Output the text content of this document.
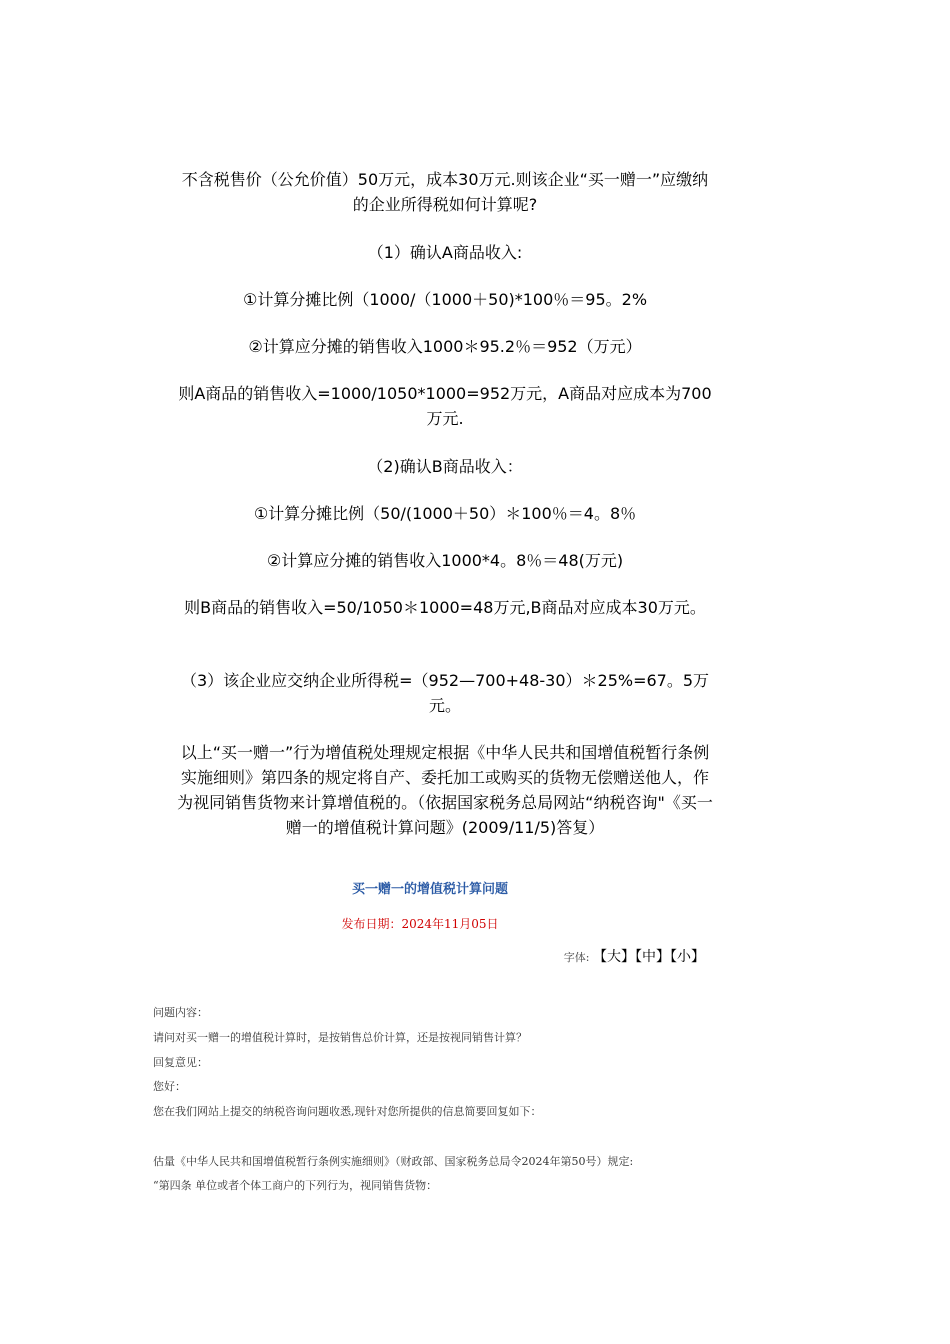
不含税售价（公允价值）50万元，成本30万元.则该企业“买一赠一”应缴纳的企业所得税如何计算呢?
（1）确认A商品收入:
①计算分摊比例（1000/（1000＋50)*100％＝95。2%
②计算应分摊的销售收入1000＊95.2％＝952（万元）
则A商品的销售收入=1000/1050*1000=952万元，A商品对应成本为700万元.
（2)确认B商品收入：
①计算分摊比例（50/(1000＋50）＊100％＝4。8％
②计算应分摊的销售收入1000*4。8％＝48(万元)
则B商品的销售收入=50/1050＊1000=48万元,B商品对应成本30万元。
（3）该企业应交纳企业所得税=（952—700+48-30）＊25%=67。5万元。
以上“买一赠一”行为增值税处理规定根据《中华人民共和国增值税暂行条例实施细则》第四条的规定将自产、委托加工或购买的货物无偿赠送他人，作为视同销售货物来计算增值税的。（依据国家税务总局网站“纳税咨询"《买一赠一的增值税计算问题》(2009/11/5)答复）
买一赠一的增值税计算问题
发布日期：2024年11月05日
字体: 【大】【中】【小】
问题内容：
请问对买一赠一的增值税计算时，是按销售总价计算，还是按视同销售计算？
回复意见：
您好：
您在我们网站上提交的纳税咨询问题收悉,现针对您所提供的信息简要回复如下：
估量《中华人民共和国增值税暂行条例实施细则》（财政部、国家税务总局令2024年第50号）规定:
“第四条 单位或者个体工商户的下列行为，视同销售货物：
